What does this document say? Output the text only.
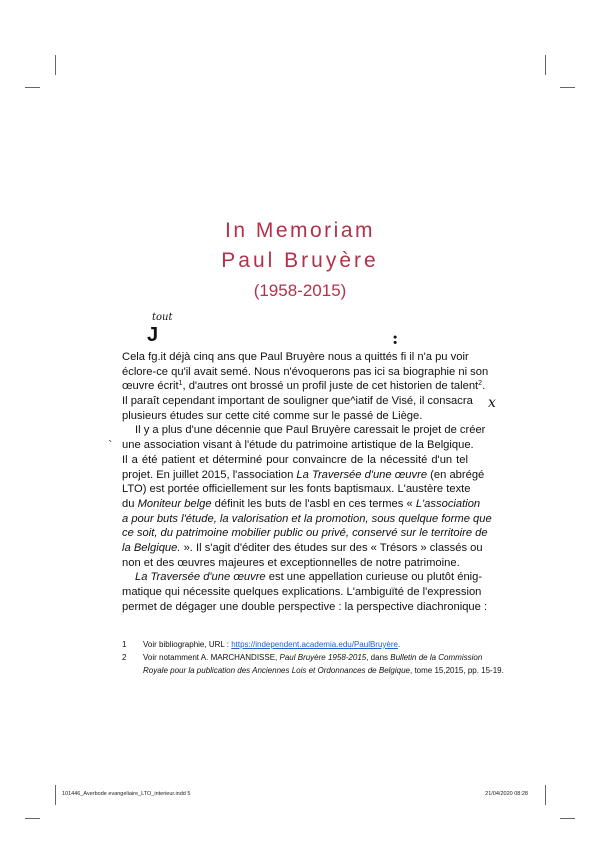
In Memoriam
Paul Bruyère
(1958-2015)
tout
J	:
x
`
Cela fg.it déjà cinq ans que Paul Bruyère nous a quittés fi il n'a pu voir
éclore-ce qu'il avait semé. Nous n'évoquerons pas ici sa biographie ni son
œuvre écrit$^1$, d'autres ont brossé un profil juste de cet historien de talent$^2$.
Il paraît cependant important de souligner que^iatif de Visé, il consacra
plusieurs études sur cette cité comme sur le passé de Liège.
Il y a plus d'une décennie que Paul Bruyère caressait le projet de créer
une association visant à l'étude du patrimoine artistique de la Belgique.
Il a été patient et déterminé pour convaincre de la nécessité d'un tel
projet. En juillet 2015, l'association La Traversée d'une œuvre (en abrégé
LTO) est portée officiellement sur les fonts baptismaux. L'austère texte
du Moniteur belge définit les buts de l'asbl en ces termes « L'association
a pour buts l'étude, la valorisation et la promotion, sous quelque forme que
ce soit, du patrimoine mobilier public ou privé, conservé sur le territoire de
la Belgique. ». Il s'agit d'éditer des études sur des « Trésors » classés ou
non et des œuvres majeures et exceptionnelles de notre patrimoine.
La Traversée d'une œuvre est une appellation curieuse ou plutôt énig-
matique qui nécessite quelques explications. L'ambiguïté de l'expression
permet de dégager une double perspective : la perspective diachronique :
1 Voir bibliographie, URL : https://independent.academia.edu/PaulBruyère.
2 Voir notamment A. MARCHANDISSE, Paul Bruyère 1958-2015, dans Bulletin de la Commission
Royale pour la publication des Anciennes Lois et Ordonnances de Belgique, tome 15,2015, pp. 15-19.
101446_Averbode evangeliaire_LTO_interieur.indd 5	21/04/2020 08:28
